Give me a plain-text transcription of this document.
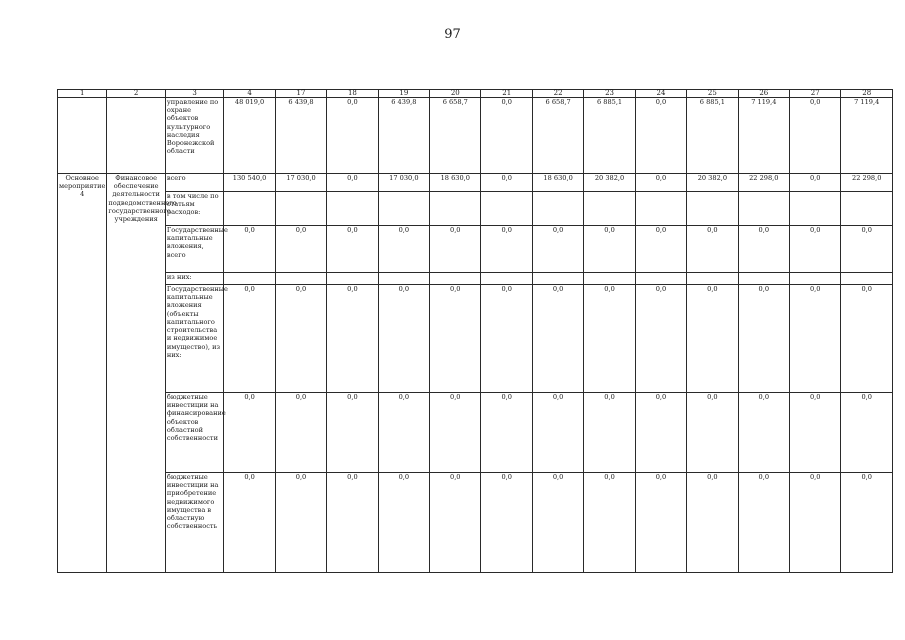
97
1	2	3	4	17	18	19	20	21	22	23	24	25	26	27	28
		управление по охране объектов культурного наследия Воронежской области	48 019,0	6 439,8	0,0	6 439,8	6 658,7	0,0	6 658,7	6 885,1	0,0	6 885,1	7 119,4	0,0	7 119,4
Основное мероприятие 4	Финансовое обеспечение деятельности подведомственного государственного учреждения	всего	130 540,0	17 030,0	0,0	17 030,0	18 630,0	0,0	18 630,0	20 382,0	0,0	20 382,0	22 298,0	0,0	22 298,0
		в том числе по статьям расходов:													
		Государственные капитальные вложения, всего	0,0	0,0	0,0	0,0	0,0	0,0	0,0	0,0	0,0	0,0	0,0	0,0	0,0
		из них:													
		Государственные капитальные вложения (объекты капитального строительства и недвижимое имущество), из них:	0,0	0,0	0,0	0,0	0,0	0,0	0,0	0,0	0,0	0,0	0,0	0,0	0,0
		бюджетные инвестиции на финансирование объектов областной собственности	0,0	0,0	0,0	0,0	0,0	0,0	0,0	0,0	0,0	0,0	0,0	0,0	0,0
		бюджетные инвестиции на приобретение недвижимого имущества в областную собственность	0,0	0,0	0,0	0,0	0,0	0,0	0,0	0,0	0,0	0,0	0,0	0,0	0,0
